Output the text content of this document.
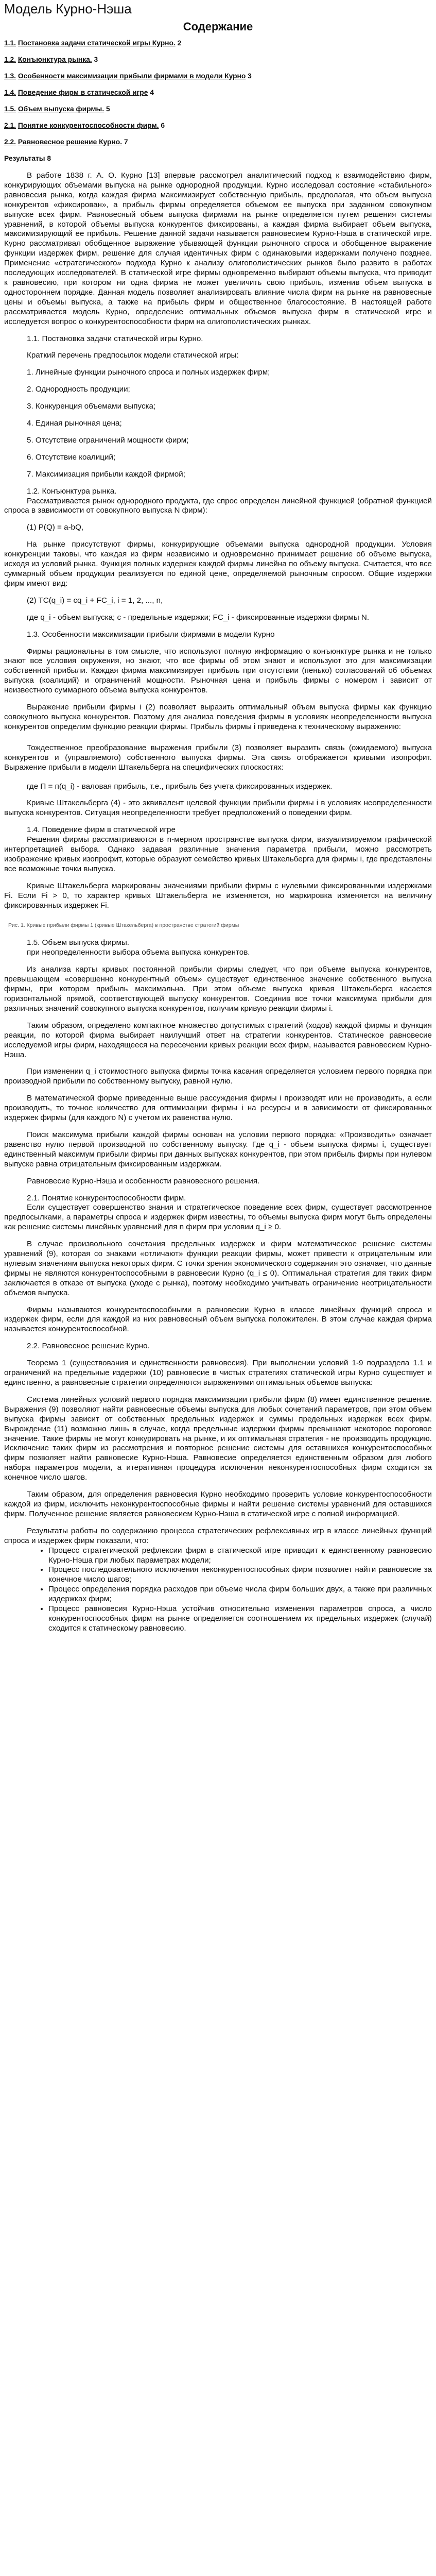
Модель Курно-Нэша
Содержание
1.1. Постановка задачи статической игры Курно. 2
1.2. Конъюнктура рынка. 3
1.3. Особенности максимизации прибыли фирмами в модели Курно 3
1.4. Поведение фирм в статической игре 4
1.5. Объем выпуска фирмы. 5
2.1. Понятие конкурентоспособности фирм. 6
2.2. Равновесное решение Курно. 7
Результаты 8

В работе 1838 г. А. О. Курно [13] впервые рассмотрел аналитический подход к взаимодействию фирм, конкурирующих объемами выпуска на рынке однородной продукции. Курно исследовал состояние «стабильного» равновесия рынка, когда каждая фирма максимизирует собственную прибыль, предполагая, что объем выпуска конкурентов «фиксирован», а прибыль фирмы определяется объемом ее выпуска при заданном совокупном выпуске всех фирм. Равновесный объем выпуска фирмами на рынке определяется путем решения системы уравнений, в которой объемы выпуска конкурентов фиксированы, а каждая фирма выбирает объем выпуска, максимизирующий ее прибыль. Решение данной задачи называется равновесием Курно-Нэша в статической игре. Курно рассматривал обобщенное выражение убывающей функции рыночного спроса и обобщенное выражение функции издержек фирм, решение для случая идентичных фирм с одинаковыми издержками получено позднее. Применение «стратегического» подхода Курно к анализу олигополистических рынков было развито в работах последующих исследователей. В статической игре фирмы одновременно выбирают объемы выпуска, что приводит к равновесию, при котором ни одна фирма не может увеличить свою прибыль, изменив объем выпуска в одностороннем порядке. Данная модель позволяет анализировать влияние числа фирм на рынке на равновесные цены и объемы выпуска, а также на прибыль фирм и общественное благосостояние. В настоящей работе рассматривается модель Курно, определение оптимальных объемов выпуска фирм в статической игре и исследуется вопрос о конкурентоспособности фирм на олигополистических рынках.

1.1. Постановка задачи статической игры Курно.

Краткий перечень предпосылок модели статической игры:

1. Линейные функции рыночного спроса и полных издержек фирм;

2. Однородность продукции;

3. Конкуренция объемами выпуска;

4. Единая рыночная цена;

5. Отсутствие ограничений мощности фирм;

6. Отсутствие коалиций;

7. Максимизация прибыли каждой фирмой;

1.2. Конъюнктура рынка.

Рассматривается рынок однородного продукта, где спрос определен линейной функцией (обратной функцией спроса в зависимости от совокупного выпуска N фирм):

(1) P(Q) = a-bQ,

На рынке присутствуют фирмы, конкурирующие объемами выпуска однородной продукции. Условия конкуренции таковы, что каждая из фирм независимо и одновременно принимает решение об объеме выпуска, исходя из условий рынка. Функция полных издержек каждой фирмы линейна по объему выпуска. Считается, что все суммарный объем продукции реализуется по единой цене, определяемой рыночным спросом. Общие издержки фирм имеют вид:

(2) TC(q_i) = cq_i + FC_i, i = 1, 2, ..., n,

где q_i - объем выпуска; c - предельные издержки; FC_i - фиксированные издержки фирмы N.

1.3. Особенности максимизации прибыли фирмами в модели Курно

Фирмы рациональны в том смысле, что используют полную информацию о конъюнктуре рынка и не только знают все условия окружения, но знают, что все фирмы об этом знают и используют это для максимизации собственной прибыли. Каждая фирма максимизирует прибыль при отсутствии (пенько) согласований об объемах выпуска (коалиций) и ограничений мощности. Рыночная цена и прибыль фирмы с номером i зависит от неизвестного суммарного объема выпуска конкурентов.

Выражение прибыли фирмы i (2) позволяет выразить оптимальный объем выпуска фирмы как функцию совокупного выпуска конкурентов. Поэтому для анализа поведения фирмы в условиях неопределенности выпуска конкурентов определим функцию реакции фирмы. Прибыль фирмы i приведена к техническому выражению:

Тождественное преобразование выражения прибыли (3) позволяет выразить связь (ожидаемого) выпуска конкурентов и (управляемого) собственного выпуска фирмы. Эта связь отображается кривыми изопрофит. Выражение прибыли в модели Штакельберга на специфических плоскостях:

где П = п(q_i) - валовая прибыль, т.е., прибыль без учета фиксированных издержек.

Кривые Штакельберга (4) - это эквивалент целевой функции прибыли фирмы i в условиях неопределенности выпуска конкурентов. Ситуация неопределенности требует предположений о поведении фирм.

1.4. Поведение фирм в статической игре

Решения фирмы рассматриваются в n-мерном пространстве выпуска фирм, визуализируемом графической интерпретацией выбора. Однако задавая различные значения параметра прибыли, можно рассмотреть изображение кривых изопрофит, которые образуют семейство кривых Штакельберга для фирмы i, где представлены все возможные точки выпуска.

Кривые Штакельберга маркированы значениями прибыли фирмы с нулевыми фиксированными издержками Fi. Если Fi > 0, то характер кривых Штакельберга не изменяется, но маркировка изменяется на величину фиксированных издержек Fi.

Рис. 1. Кривые прибыли фирмы 1 (кривые Штакельберга) в пространстве стратегий фирмы

1.5. Объем выпуска фирмы.

при неопределенности выбора объема выпуска конкурентов.

Из анализа карты кривых постоянной прибыли фирмы следует, что при объеме выпуска конкурентов, превышающем «совершенно конкурентный объем» существует единственное значение собственного выпуска фирмы, при котором прибыль максимальна. При этом объеме выпуска кривая Штакельберга касается горизонтальной прямой, соответствующей выпуску конкурентов. Соединив все точки максимума прибыли для различных значений совокупного выпуска конкурентов, получим кривую реакции фирмы i.

Таким образом, определено компактное множество допустимых стратегий (ходов) каждой фирмы и функция реакции, по которой фирма выбирает наилучший ответ на стратегии конкурентов. Статическое равновесие исследуемой игры фирм, находящееся на пересечении кривых реакции всех фирм, называется равновесием Курно-Нэша.

При изменении q_i стоимостного выпуска фирмы точка касания определяется условием первого порядка при производной прибыли по собственному выпуску, равной нулю.

В математической форме приведенные выше рассуждения фирмы i производят или не производить, а если производить, то точное количество для оптимизации фирмы i на ресурсы и в зависимости от фиксированных издержек фирмы (для каждого N) с учетом их равенства нулю.

Поиск максимума прибыли каждой фирмы основан на условии первого порядка: «Производить» означает равенство нулю первой производной по собственному выпуску. Где q_i - объем выпуска фирмы i, существует единственный максимум прибыли фирмы при данных выпусках конкурентов, при этом прибыль фирмы при нулевом выпуске равна отрицательным фиксированным издержкам.

Равновесие Курно-Нэша и особенности равновесного решения.

2.1. Понятие конкурентоспособности фирм.

Если существует совершенство знания и стратегическое поведение всех фирм, существует рассмотренное предпосылками, а параметры спроса и издержек фирм известны, то объемы выпуска фирм могут быть определены как решение системы линейных уравнений для n фирм при условии q_i ≥ 0.

В случае произвольного сочетания предельных издержек и фирм математическое решение системы уравнений (9), которая со знаками «отличают» функции реакции фирмы, может привести к отрицательным или нулевым значениям выпуска некоторых фирм. С точки зрения экономического содержания это означает, что данные фирмы не являются конкурентоспособными в равновесии Курно (q_i ≤ 0). Оптимальная стратегия для таких фирм заключается в отказе от выпуска (уходе с рынка), поэтому необходимо учитывать ограничение неотрицательности объемов выпуска.

Фирмы называются конкурентоспособными в равновесии Курно в классе линейных функций спроса и издержек фирм, если для каждой из них равновесный объем выпуска положителен. В этом случае каждая фирма называется конкурентоспособной.

2.2. Равновесное решение Курно.

Теорема 1 (существования и единственности равновесия). При выполнении условий 1-9 подраздела 1.1 и ограничений на предельные издержки (10) равновесие в чистых стратегиях статической игры Курно существует и единственно, а равновесные стратегии определяются выражениями оптимальных объемов выпуска:

Система линейных условий первого порядка максимизации прибыли фирм (8) имеет единственное решение. Выражения (9) позволяют найти равновесные объемы выпуска для любых сочетаний параметров, при этом объем выпуска фирмы зависит от собственных предельных издержек и суммы предельных издержек всех фирм. Вырождение (11) возможно лишь в случае, когда предельные издержки фирмы превышают некоторое пороговое значение. Такие фирмы не могут конкурировать на рынке, и их оптимальная стратегия - не производить продукцию. Исключение таких фирм из рассмотрения и повторное решение системы для оставшихся конкурентоспособных фирм позволяет найти равновесие Курно-Нэша. Равновесие определяется единственным образом для любого набора параметров модели, а итеративная процедура исключения неконкурентоспособных фирм сходится за конечное число шагов.

Таким образом, для определения равновесия Курно необходимо проверить условие конкурентоспособности каждой из фирм, исключить неконкурентоспособные фирмы и найти решение системы уравнений для оставшихся фирм. Полученное решение является равновесием Курно-Нэша в статической игре с полной информацией.

Результаты работы по содержанию процесса стратегических рефлексивных игр в классе линейных функций спроса и издержек фирм показали, что:

• Процесс стратегической рефлексии фирм в статической игре приводит к единственному равновесию Курно-Нэша при любых параметрах модели;
• Процесс последовательного исключения неконкурентоспособных фирм позволяет найти равновесие за конечное число шагов;
• Процесс определения порядка расходов при объеме числа фирм больших двух, а также при различных издержках фирм;
• Процесс равновесия Курно-Нэша устойчив относительно изменения параметров спроса, а число конкурентоспособных фирм на рынке определяется соотношением их предельных издержек (случай) сходится к статическому равновесию.
